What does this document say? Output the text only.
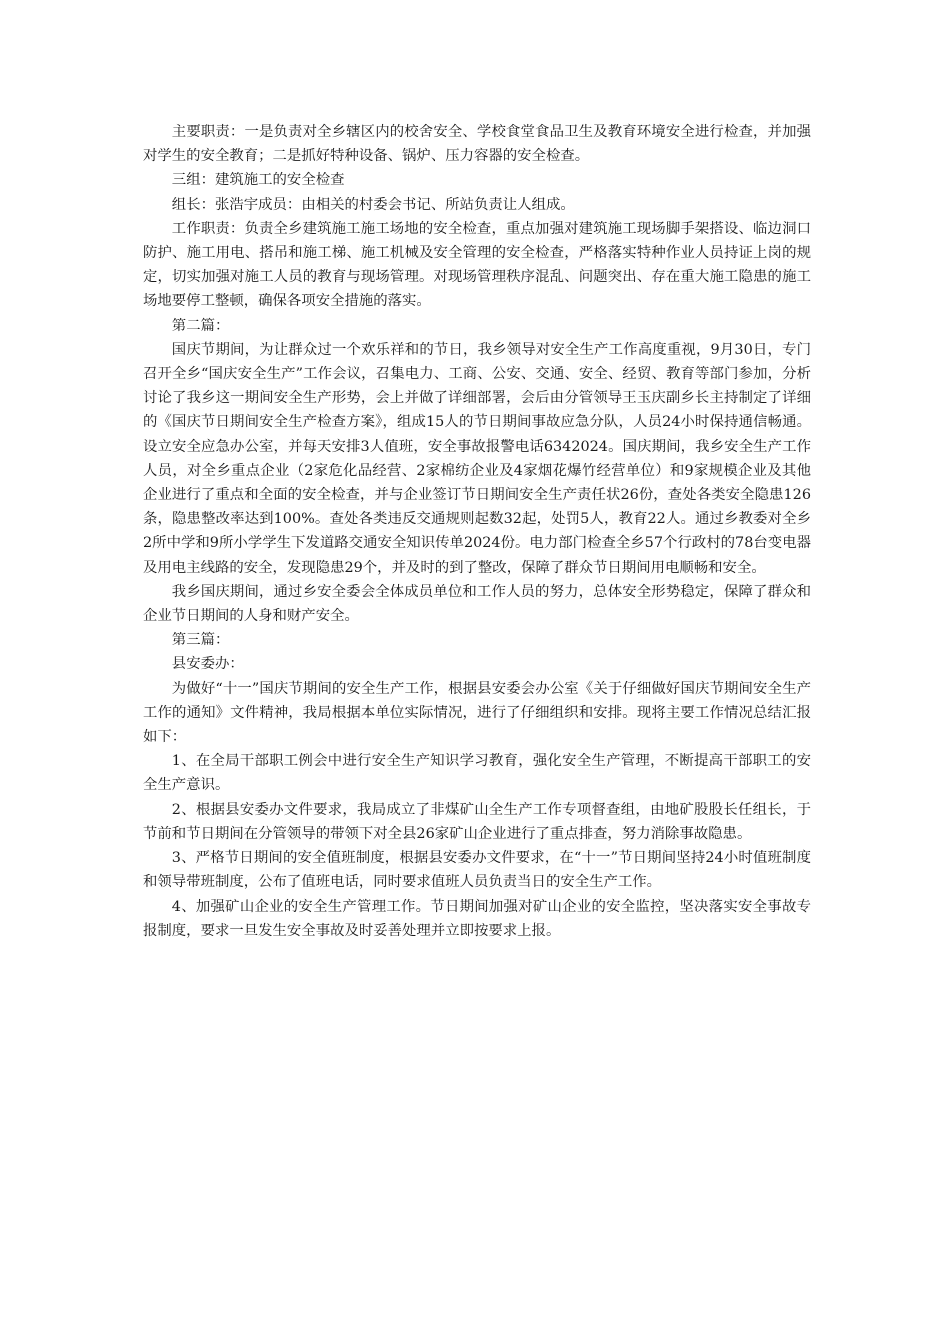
主要职责：一是负责对全乡辖区内的校舍安全、学校食堂食品卫生及教育环境安全进行检查，并加强对学生的安全教育；二是抓好特种设备、锅炉、压力容器的安全检查。

三组：建筑施工的安全检查

组长：张浩宇成员：由相关的村委会书记、所站负责让人组成。

工作职责：负责全乡建筑施工施工场地的安全检查，重点加强对建筑施工现场脚手架搭设、临边洞口防护、施工用电、搭吊和施工梯、施工机械及安全管理的安全检查，严格落实特种作业人员持证上岗的规定，切实加强对施工人员的教育与现场管理。对现场管理秩序混乱、问题突出、存在重大施工隐患的施工场地要停工整顿，确保各项安全措施的落实。

第二篇：

国庆节期间，为让群众过一个欢乐祥和的节日，我乡领导对安全生产工作高度重视，9月30日，专门召开全乡“国庆安全生产”工作会议，召集电力、工商、公安、交通、安全、经贸、教育等部门参加，分析讨论了我乡这一期间安全生产形势，会上并做了详细部署，会后由分管领导王玉庆副乡长主持制定了详细的《国庆节日期间安全生产检查方案》，组成15人的节日期间事故应急分队，人员24小时保持通信畅通。设立安全应急办公室，并每天安排3人值班，安全事故报警电话6342024。国庆期间，我乡安全生产工作人员，对全乡重点企业（2家危化品经营、2家棉纺企业及4家烟花爆竹经营单位）和9家规模企业及其他企业进行了重点和全面的安全检查，并与企业签订节日期间安全生产责任状26份，查处各类安全隐患126条，隐患整改率达到100%。查处各类违反交通规则起数32起，处罚5人，教育22人。通过乡教委对全乡2所中学和9所小学学生下发道路交通安全知识传单2024份。电力部门检查全乡57个行政村的78台变电器及用电主线路的安全，发现隐患29个，并及时的到了整改，保障了群众节日期间用电顺畅和安全。

我乡国庆期间，通过乡安全委会全体成员单位和工作人员的努力，总体安全形势稳定，保障了群众和企业节日期间的人身和财产安全。

第三篇：

县安委办：

为做好“十一”国庆节期间的安全生产工作，根据县安委会办公室《关于仔细做好国庆节期间安全生产工作的通知》文件精神，我局根据本单位实际情况，进行了仔细组织和安排。现将主要工作情况总结汇报如下：

1、在全局干部职工例会中进行安全生产知识学习教育，强化安全生产管理，不断提高干部职工的安全生产意识。

2、根据县安委办文件要求，我局成立了非煤矿山全生产工作专项督查组，由地矿股股长任组长，于节前和节日期间在分管领导的带领下对全县26家矿山企业进行了重点排查，努力消除事故隐患。

3、严格节日期间的安全值班制度，根据县安委办文件要求，在“十一”节日期间坚持24小时值班制度和领导带班制度，公布了值班电话，同时要求值班人员负责当日的安全生产工作。

4、加强矿山企业的安全生产管理工作。节日期间加强对矿山企业的安全监控，坚决落实安全事故专报制度，要求一旦发生安全事故及时妥善处理并立即按要求上报。
